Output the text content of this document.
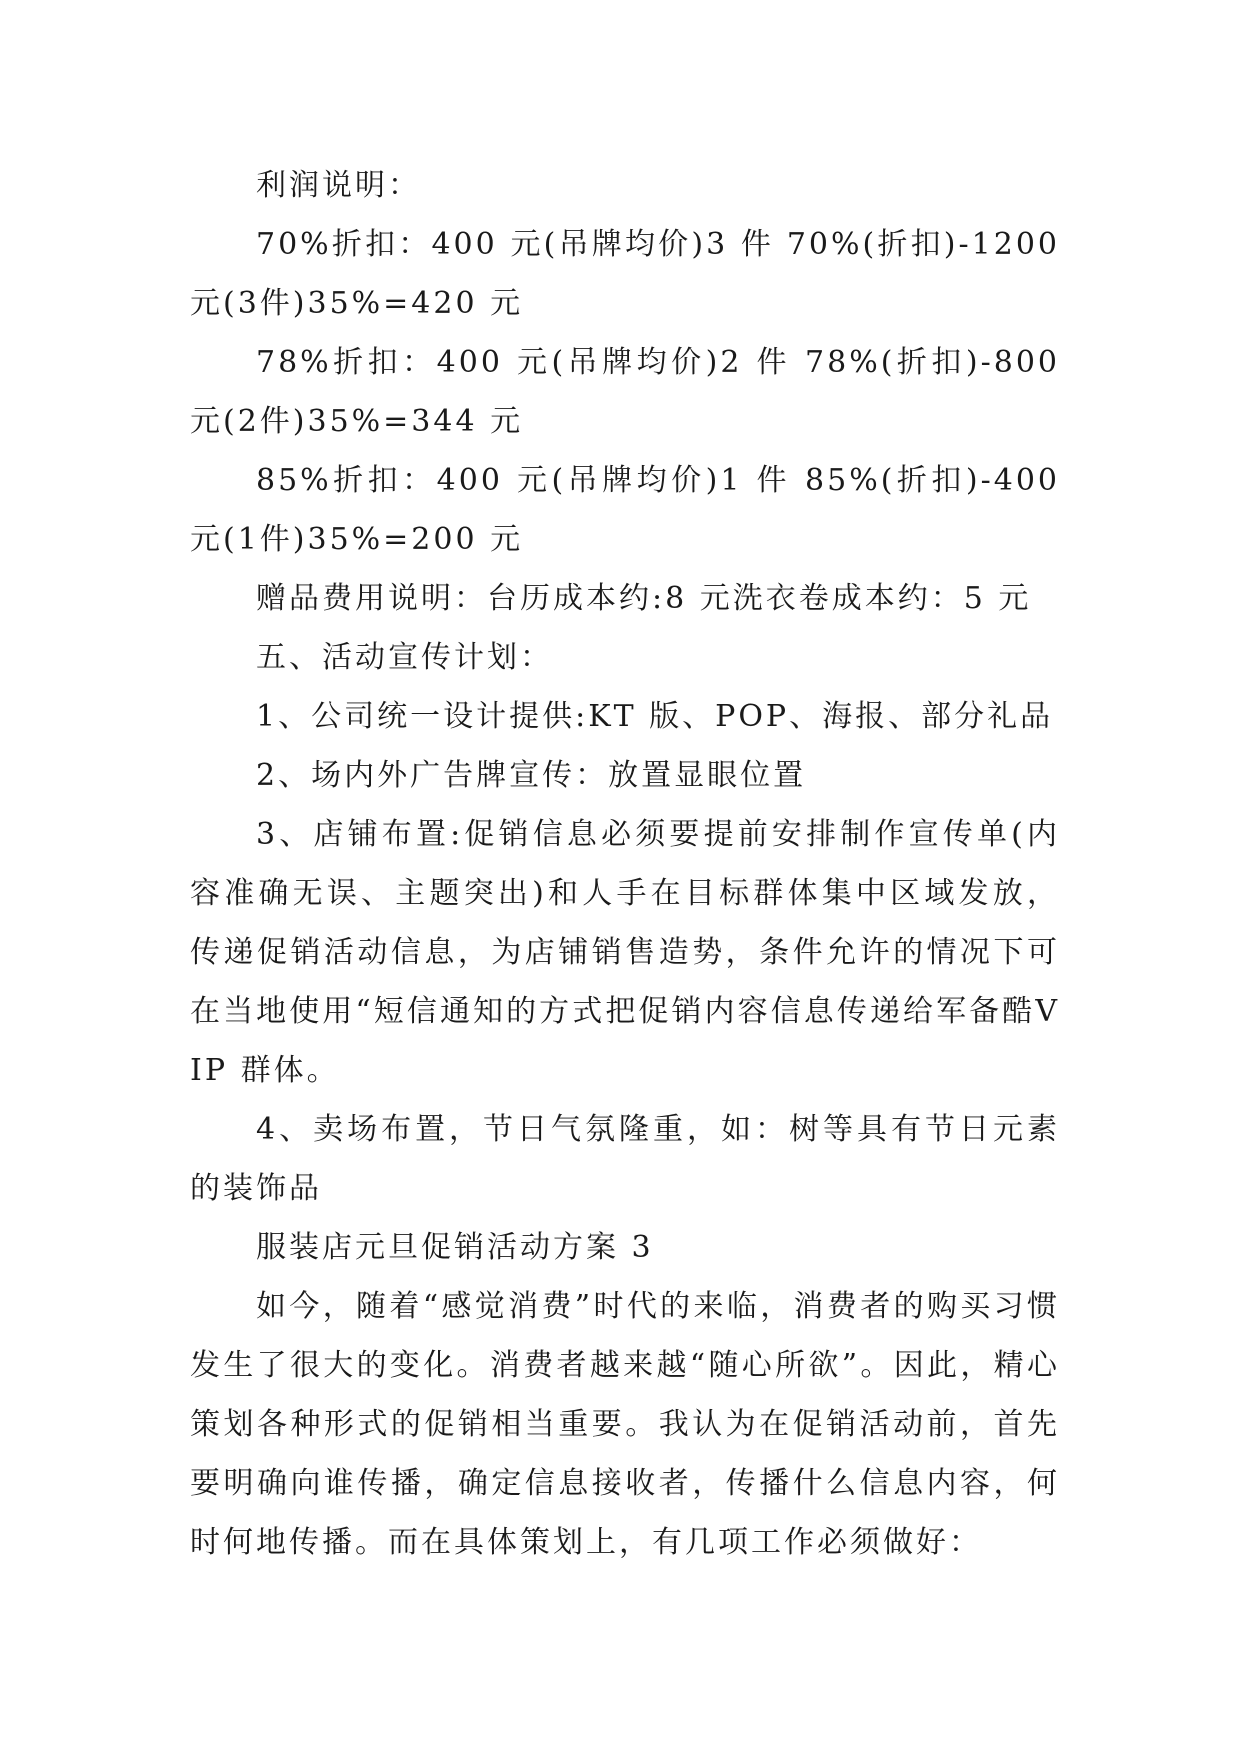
利润说明：

70%折扣：400 元(吊牌均价)3 件 70%(折扣)-1200 元(3件)35%=420 元

78%折扣：400 元(吊牌均价)2 件 78%(折扣)-800 元(2件)35%=344 元

85%折扣：400 元(吊牌均价)1 件 85%(折扣)-400 元(1件)35%=200 元

赠品费用说明：台历成本约:8 元洗衣卷成本约：5 元

五、活动宣传计划：

1、公司统一设计提供:KT 版、POP、海报、部分礼品

2、场内外广告牌宣传：放置显眼位置

3、店铺布置:促销信息必须要提前安排制作宣传单(内容准确无误、主题突出)和人手在目标群体集中区域发放，传递促销活动信息，为店铺销售造势，条件允许的情况下可在当地使用“短信通知的方式把促销内容信息传递给军备酷VIP 群体。

4、卖场布置，节日气氛隆重，如：树等具有节日元素的装饰品

服装店元旦促销活动方案 3

如今，随着“感觉消费”时代的来临，消费者的购买习惯发生了很大的变化。消费者越来越“随心所欲”。因此，精心策划各种形式的促销相当重要。我认为在促销活动前，首先要明确向谁传播，确定信息接收者，传播什么信息内容，何时何地传播。而在具体策划上，有几项工作必须做好：
